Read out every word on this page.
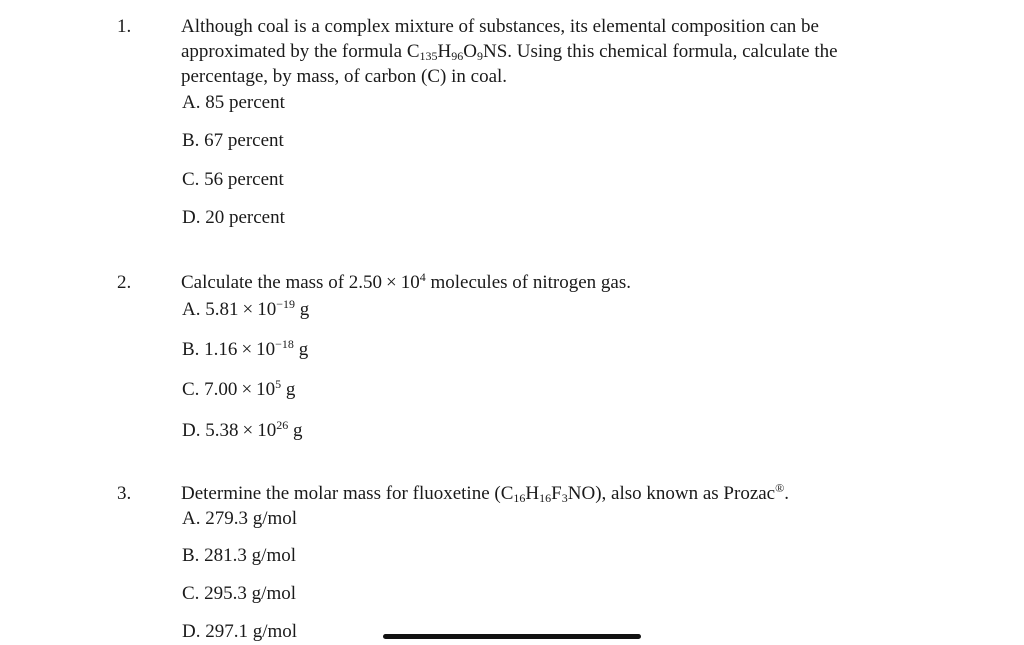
1.	Although coal is a complex mixture of substances, its elemental composition can be
approximated by the formula $C_{135}H_{96}O_9NS$. Using this chemical formula, calculate the
percentage, by mass, of carbon (C) in coal.
A. 85 percent
B. 67 percent
C. 56 percent
D. 20 percent
2.	Calculate the mass of $2.50 \times 10^4$ molecules of nitrogen gas.
A. $5.81 \times 10^{-19}$ g
B. $1.16 \times 10^{-18}$ g
C. $7.00 \times 10^5$ g
D. $5.38 \times 10^{26}$ g
3.	Determine the molar mass for fluoxetine $(C_{16}H_{16}F_3NO)$, also known as Prozac®.
A. 279.3 g/mol
B. 281.3 g/mol
C. 295.3 g/mol
D. 297.1 g/mol
